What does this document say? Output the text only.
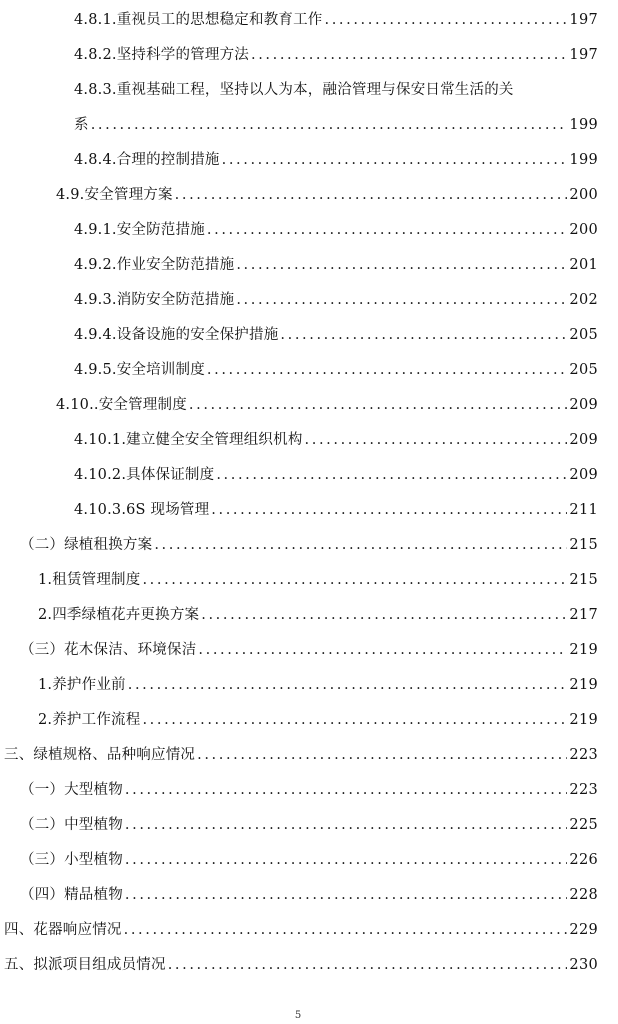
4.8.1.重视员工的思想稳定和教育工作 .....	197
4.8.2.坚持科学的管理方法 .....	197
4.8.3.重视基础工程，坚持以人为本，融洽管理与保安日常生活的关
系 .....	199
4.8.4.合理的控制措施 .....	199
4.9.安全管理方案 .....	200
4.9.1.安全防范措施 .....	200
4.9.2.作业安全防范措施 .....	201
4.9.3.消防安全防范措施 .....	202
4.9.4.设备设施的安全保护措施 .....	205
4.9.5.安全培训制度 .....	205
4.10..安全管理制度 .....	209
4.10.1.建立健全安全管理组织机构 .....	209
4.10.2.具体保证制度 .....	209
4.10.3.6S 现场管理 .....	211
（二）绿植租换方案 .....	215
1.租赁管理制度 .....	215
2.四季绿植花卉更换方案 .....	217
（三）花木保洁、环境保洁 .....	219
1.养护作业前 .....	219
2.养护工作流程 .....	219
三、绿植规格、品种响应情况 .....	223
（一）大型植物 .....	223
（二）中型植物 .....	225
（三）小型植物 .....	226
（四）精品植物 .....	228
四、花器响应情况 .....	229
五、拟派项目组成员情况 .....	230
5
